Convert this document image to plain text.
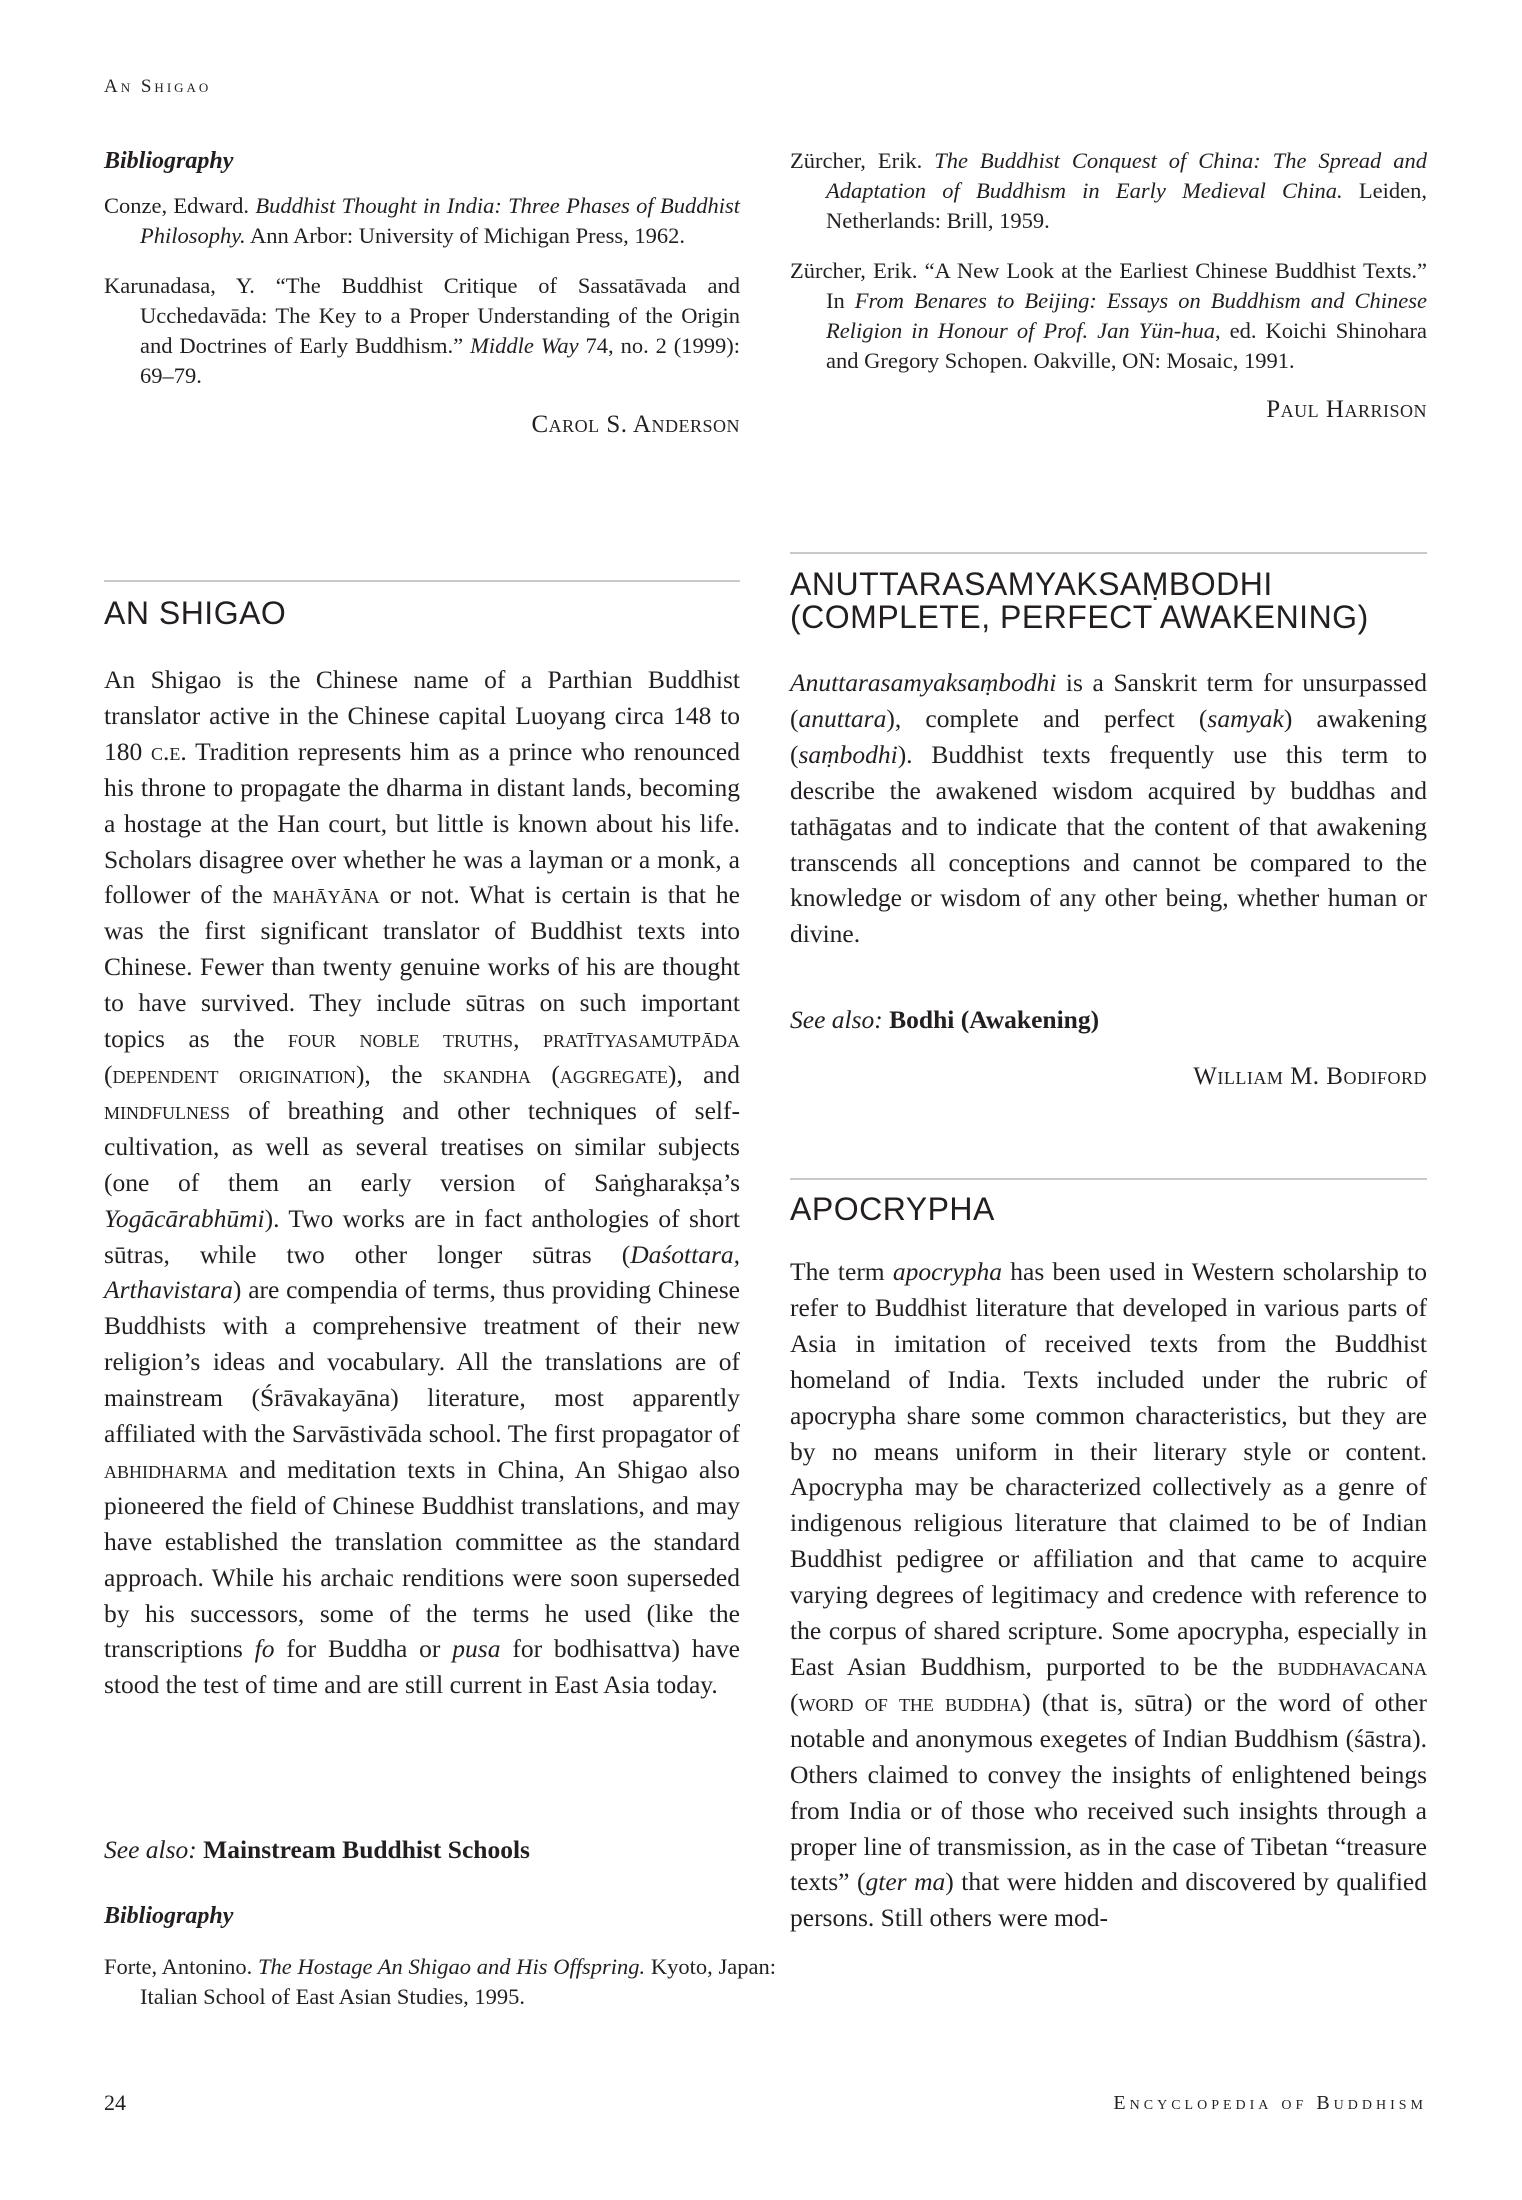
An Shigao
Bibliography

Conze, Edward. Buddhist Thought in India: Three Phases of Buddhist Philosophy. Ann Arbor: University of Michigan Press, 1962.

Karunadasa, Y. “The Buddhist Critique of Sassatāvada and Ucchedavāda: The Key to a Proper Understanding of the Origin and Doctrines of Early Buddhism.” Middle Way 74, no. 2 (1999): 69–79.

Carol S. Anderson

Zürcher, Erik. The Buddhist Conquest of China: The Spread and Adaptation of Buddhism in Early Medieval China. Leiden, Netherlands: Brill, 1959.

Zürcher, Erik. “A New Look at the Earliest Chinese Buddhist Texts.” In From Benares to Beijing: Essays on Buddhism and Chinese Religion in Honour of Prof. Jan Yün-hua, ed. Koichi Shinohara and Gregory Schopen. Oakville, ON: Mosaic, 1991.

Paul Harrison
AN SHIGAO

An Shigao is the Chinese name of a Parthian Buddhist translator active in the Chinese capital Luoyang circa 148 to 180 c.e. Tradition represents him as a prince who renounced his throne to propagate the dharma in distant lands, becoming a hostage at the Han court, but little is known about his life. Scholars disagree over whether he was a layman or a monk, a follower of the mahāyāna or not. What is certain is that he was the first significant translator of Buddhist texts into Chinese. Fewer than twenty genuine works of his are thought to have survived. They include sūtras on such important topics as the four noble truths, pratītyasamutpāda (dependent origination), the skandha (aggregate), and mindfulness of breathing and other techniques of self-cultivation, as well as several treatises on similar subjects (one of them an early version of Saṅgharakṣa’s Yogācārabhūmi). Two works are in fact anthologies of short sūtras, while two other longer sūtras (Daśottara, Arthavistara) are compendia of terms, thus providing Chinese Buddhists with a comprehensive treatment of their new religion’s ideas and vocabulary. All the translations are of mainstream (Śrāvakayāna) literature, most apparently affiliated with the Sarvāstivāda school. The first propagator of abhidharma and meditation texts in China, An Shigao also pioneered the field of Chinese Buddhist translations, and may have established the translation committee as the standard approach. While his archaic renditions were soon superseded by his successors, some of the terms he used (like the transcriptions fo for Buddha or pusa for bodhisattva) have stood the test of time and are still current in East Asia today.

See also: Mainstream Buddhist Schools
Bibliography

Forte, Antonino. The Hostage An Shigao and His Offspring. Kyoto, Japan: Italian School of East Asian Studies, 1995.

ANUTTARASAMYAKSAṂBODHI
(COMPLETE, PERFECT AWAKENING)

Anuttarasamyaksaṃbodhi is a Sanskrit term for unsurpassed (anuttara), complete and perfect (samyak) awakening (saṃbodhi). Buddhist texts frequently use this term to describe the awakened wisdom acquired by buddhas and tathāgatas and to indicate that the content of that awakening transcends all conceptions and cannot be compared to the knowledge or wisdom of any other being, whether human or divine.

See also: Bodhi (Awakening)
William M. Bodiford
APOCRYPHA

The term apocrypha has been used in Western scholarship to refer to Buddhist literature that developed in various parts of Asia in imitation of received texts from the Buddhist homeland of India. Texts included under the rubric of apocrypha share some common characteristics, but they are by no means uniform in their literary style or content. Apocrypha may be characterized collectively as a genre of indigenous religious literature that claimed to be of Indian Buddhist pedigree or affiliation and that came to acquire varying degrees of legitimacy and credence with reference to the corpus of shared scripture. Some apocrypha, especially in East Asian Buddhism, purported to be the buddhavacana (word of the buddha) (that is, sūtra) or the word of other notable and anonymous exegetes of Indian Buddhism (śāstra). Others claimed to convey the insights of enlightened beings from India or of those who received such insights through a proper line of transmission, as in the case of Tibetan “treasure texts” (gter ma) that were hidden and discovered by qualified persons. Still others were mod-

24	Encyclopedia of Buddhism
